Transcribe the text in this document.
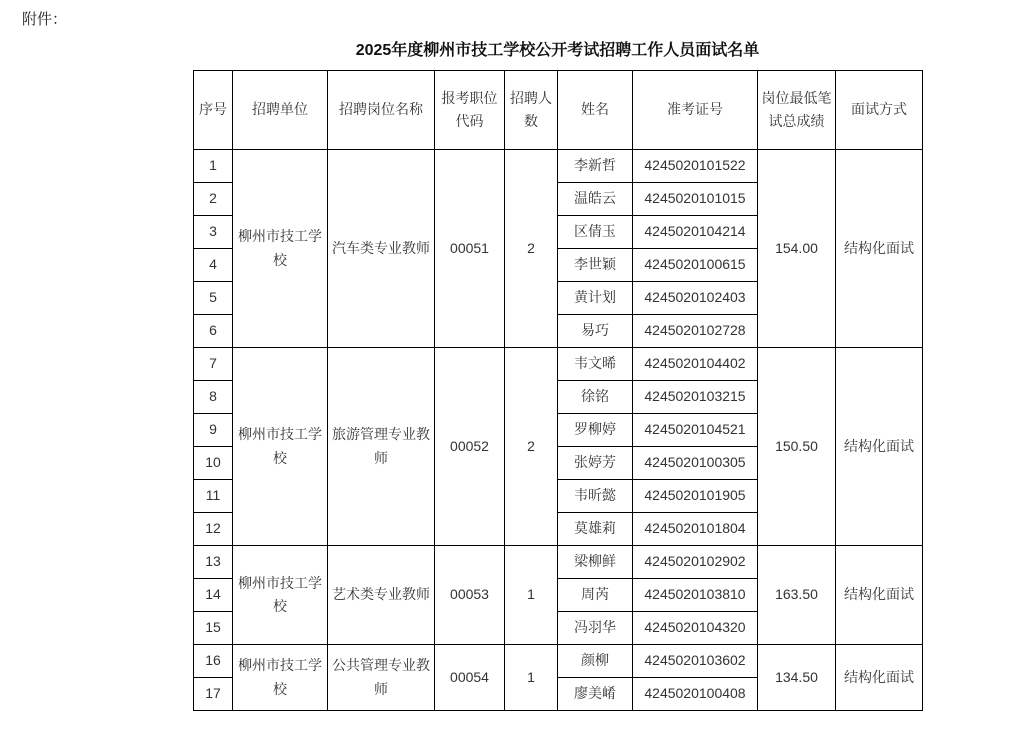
附件：
2025年度柳州市技工学校公开考试招聘工作人员面试名单
序号	招聘单位	招聘岗位名称	报考职位代码	招聘人数	姓名	准考证号	岗位最低笔试总成绩	面试方式
1	柳州市技工学校	汽车类专业教师	00051	2	李新哲	4245020101522	154.00	结构化面试
2					温皓云	4245020101015		
3					区倩玉	4245020104214		
4					李世颖	4245020100615		
5					黄计划	4245020102403		
6					易巧	4245020102728		
7	柳州市技工学校	旅游管理专业教师	00052	2	韦文晞	4245020104402	150.50	结构化面试
8					徐铭	4245020103215		
9					罗柳婷	4245020104521		
10					张婷芳	4245020100305		
11					韦昕懿	4245020101905		
12					莫雄莉	4245020101804		
13	柳州市技工学校	艺术类专业教师	00053	1	梁柳鲜	4245020102902	163.50	结构化面试
14					周芮	4245020103810		
15					冯羽华	4245020104320		
16	柳州市技工学校	公共管理专业教师	00054	1	颜柳	4245020103602	134.50	结构化面试
17					廖美崤	4245020100408		
